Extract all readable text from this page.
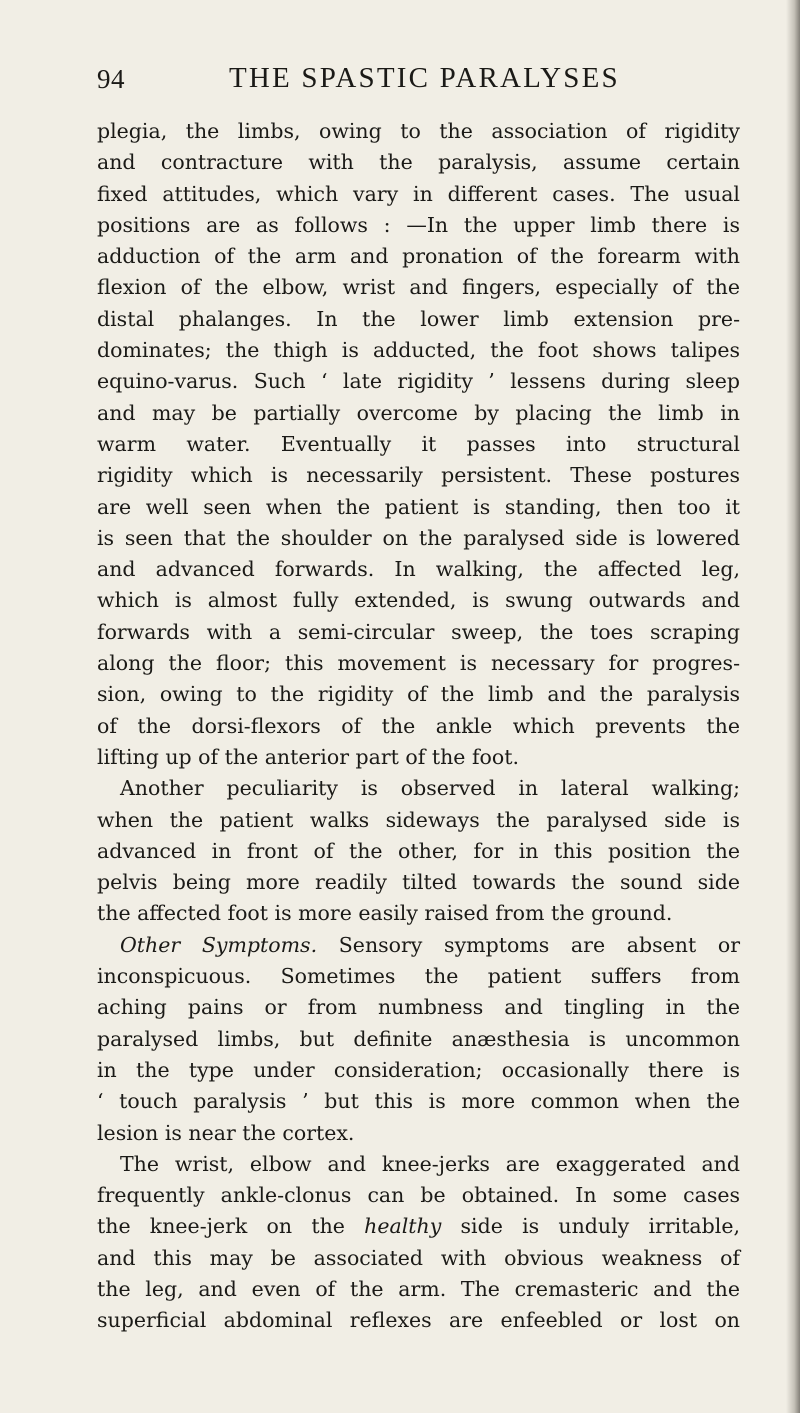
94	THE SPASTIC PARALYSES
plegia, the limbs, owing to the association of rigidity
and contracture with the paralysis, assume certain
fixed attitudes, which vary in different cases. The usual
positions are as follows : —In the upper limb there is
adduction of the arm and pronation of the forearm with
flexion of the elbow, wrist and fingers, especially of the
distal phalanges. In the lower limb extension pre-
dominates; the thigh is adducted, the foot shows talipes
equino-varus. Such ‘ late rigidity ’ lessens during sleep
and may be partially overcome by placing the limb in
warm water. Eventually it passes into structural
rigidity which is necessarily persistent. These postures
are well seen when the patient is standing, then too it
is seen that the shoulder on the paralysed side is lowered
and advanced forwards. In walking, the affected leg,
which is almost fully extended, is swung outwards and
forwards with a semi-circular sweep, the toes scraping
along the floor; this movement is necessary for progres-
sion, owing to the rigidity of the limb and the paralysis
of the dorsi-flexors of the ankle which prevents the
lifting up of the anterior part of the foot.
Another peculiarity is observed in lateral walking;
when the patient walks sideways the paralysed side is
advanced in front of the other, for in this position the
pelvis being more readily tilted towards the sound side
the affected foot is more easily raised from the ground.
Other Symptoms. Sensory symptoms are absent or
inconspicuous. Sometimes the patient suffers from
aching pains or from numbness and tingling in the
paralysed limbs, but definite anæsthesia is uncommon
in the type under consideration; occasionally there is
‘ touch paralysis ’ but this is more common when the
lesion is near the cortex.
The wrist, elbow and knee-jerks are exaggerated and
frequently ankle-clonus can be obtained. In some cases
the knee-jerk on the healthy side is unduly irritable,
and this may be associated with obvious weakness of
the leg, and even of the arm. The cremasteric and the
superficial abdominal reflexes are enfeebled or lost on
